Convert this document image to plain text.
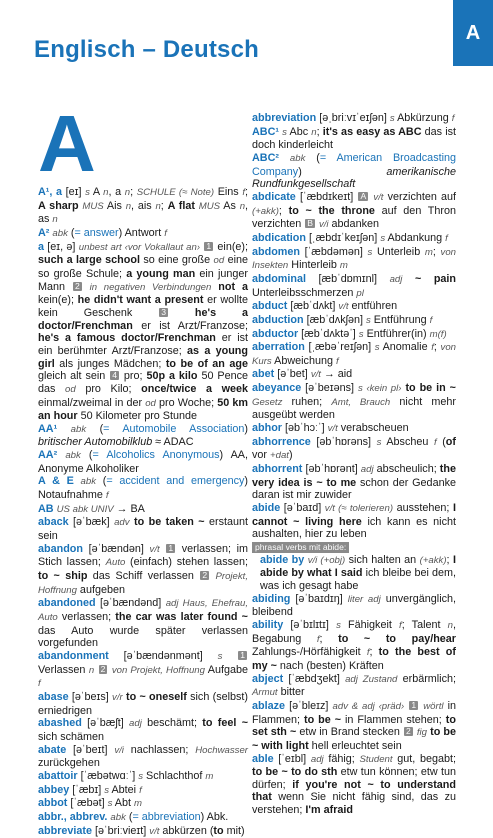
A
Englisch – Deutsch
A

A¹, a [eɪ] s A n, a n; SCHULE (≈ Note) Eins f; A sharp MUS Ais n, ais n; A flat MUS As n, as n

A² abk (= answer) Antwort f

a [eɪ, ə] unbest art ‹vor Vokallaut an› 1 ein(e); such a large school so eine große od eine so große Schule; a young man ein junger Mann 2 in negativen Verbindungen not a kein(e); he didn't want a present er wollte kein Geschenk 3	he's a doctor/Frenchman er ist Arzt/Franzose; he's a famous doctor/Frenchman er ist ein berühmter Arzt/Franzose; as a young girl als junges Mädchen; to be of an age gleich alt sein 4 pro; 50p a kilo 50 Pence das od pro Kilo; once/twice a week einmal/zweimal in der od pro Woche; 50 km an hour 50 Kilometer pro Stunde

AA¹ abk (= Automobile Association) britischer Automobilklub ≈ ADAC

AA² abk (= Alcoholics Anonymous) AA, Anonyme Alkoholiker

A & E abk (= accident and emergency) Notaufnahme f

AB US abk UNIV → BA

aback [əˈbæk] adv to be taken ~ erstaunt sein

abandon [əˈbændən] v/t 1 verlassen; im Stich lassen; Auto (einfach) stehen lassen; to ~ ship das Schiff verlassen 2 Projekt, Hoffnung aufgeben

abandoned [əˈbændənd] adj Haus, Ehefrau, Auto verlassen; the car was later found ~ das Auto wurde später verlassen vorgefunden

abandonment [əˈbændənmənt] s 1 Verlassen n 2 von Projekt, Hoffnung Aufgabe f

abase [əˈbeɪs] v/r to ~ oneself sich (selbst) erniedrigen

abashed [əˈbæʃt] adj beschämt; to feel ~ sich schämen

abate [əˈbeɪt] v/i nachlassen; Hochwasser zurückgehen

abattoir [ˈæbətwɑːˈ] s Schlachthof m

abbey [ˈæbɪ] s Abtei f

abbot [ˈæbət] s Abt m

abbr., abbrev. abk (= abbreviation) Abk.

abbreviate [əˈbriːvieɪt] v/t abkürzen (to mit)

abbreviation [əˌbriːvɪˈeɪʃən] s Abkürzung f

ABC¹ s Abc n; it's as easy as ABC das ist doch kinderleicht

ABC² abk (= American Broadcasting Company) amerikanische Rundfunkgesellschaft

abdicate [ˈæbdɪkeɪt] A v/t verzichten auf (+akk); to ~ the throne auf den Thron verzichten B v/i abdanken

abdication [ˌæbdɪˈkeɪʃən] s Abdankung f

abdomen [ˈæbdəmən] s Unterleib m; von Insekten Hinterleib m

abdominal [æbˈdɒmɪnl] adj ~ pain Unterleibsschmerzen pl

abduct [æbˈdʌkt] v/t entführen

abduction [æbˈdʌkʃən] s Entführung f

abductor [æbˈdʌktəˈ] s Entführer(in) m(f)

aberration [ˌæbəˈreɪʃən] s Anomalie f; von Kurs Abweichung f

abet [əˈbet] v/t → aid

abeyance [əˈbeɪəns] s ‹kein pl› to be in ~ Gesetz ruhen; Amt, Brauch nicht mehr ausgeübt werden

abhor [əbˈhɔːˈ] v/t verabscheuen

abhorrence [əbˈhɒrəns] s Abscheu f (of vor +dat)

abhorrent [əbˈhɒrənt] adj abscheulich; the very idea is ~ to me schon der Gedanke daran ist mir zuwider

abide [əˈbaɪd] v/t (≈ tolerieren) ausstehen; I cannot ~ living here ich kann es nicht aushalten, hier zu leben

phrasal verbs mit abide:

abide by v/i (+obj) sich halten an (+akk); I abide by what I said ich bleibe bei dem, was ich gesagt habe

abiding [əˈbaɪdɪŋ] liter adj unvergänglich, bleibend

ability [əˈbɪlɪtɪ] s Fähigkeit f; Talent n, Begabung f; to ~ to pay/hear Zahlungs-/Hörfähigkeit f; to the best of my ~ nach (besten) Kräften

abject [ˈæbdʒekt] adj Zustand erbärmlich; Armut bitter

ablaze [əˈbleɪz] adv & adj ‹präd› 1 wörtl in Flammen; to be ~ in Flammen stehen; to set sth ~ etw in Brand stecken 2 fig to be ~ with light hell erleuchtet sein

able [ˈeɪbl] adj fähig; Student gut, begabt; to be ~ to do sth etw tun können; etw tun dürfen; if you're not ~ to understand that wenn Sie nicht fähig sind, das zu verstehen; I'm afraid
